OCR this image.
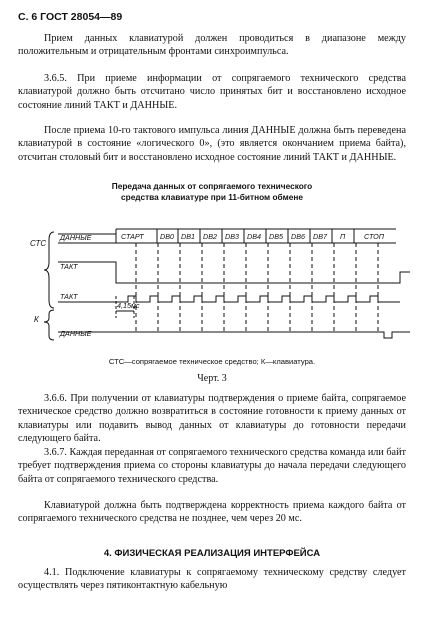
С. 6 ГОСТ 28054—89

Прием данных клавиатурой должен проводиться в диапазоне между положительным и отрицательным фронтами синхроимпульса.

3.6.5. При приеме информации от сопрягаемого технического средства клавиатурой должно быть отсчитано число принятых бит и восстановлено исходное состояние линий ТАКТ и ДАННЫЕ.

После приема 10-го тактового импульса линия ДАННЫЕ должна быть переведена клавиатурой в состояние «логического 0», (это является окончанием приема байта), отсчитан столовый бит и восстановлено исходное состояние линий ТАКТ и ДАННЫЕ.

Передача данных от сопрягаемого технического
средства клавиатуре при 11-битном обмене
СТС
К
ДАННЫЕ
ТАКТ
ТАКТ
ДАННЫЕ
СТАРТ DB0 DB1 DB2 DB3 DB4 DB5 DB6 DB7 П	СТОП
4,15мс
СТС—сопрягаемое техническое средство; К—клавиатура.
Черт. 3

3.6.6. При получении от клавиатуры подтверждения о приеме байта, сопрягаемое техническое средство должно возвратиться в состояние готовности к приему данных от клавиатуры или подавить вывод данных от клавиатуры до готовности передачи следующего байта.

3.6.7. Каждая переданная от сопрягаемого технического средства команда или байт требует подтверждения приема со стороны клавиатуры до начала передачи следующего байта от сопрягаемого технического средства.

Клавиатурой должна быть подтверждена корректность приема каждого байта от сопрягаемого технического средства не позднее, чем через 20 мс.

4. ФИЗИЧЕСКАЯ РЕАЛИЗАЦИЯ ИНТЕРФЕЙСА

4.1. Подключение клавиатуры к сопрягаемому техническому средству следует осуществлять через пятиконтактную кабельную
